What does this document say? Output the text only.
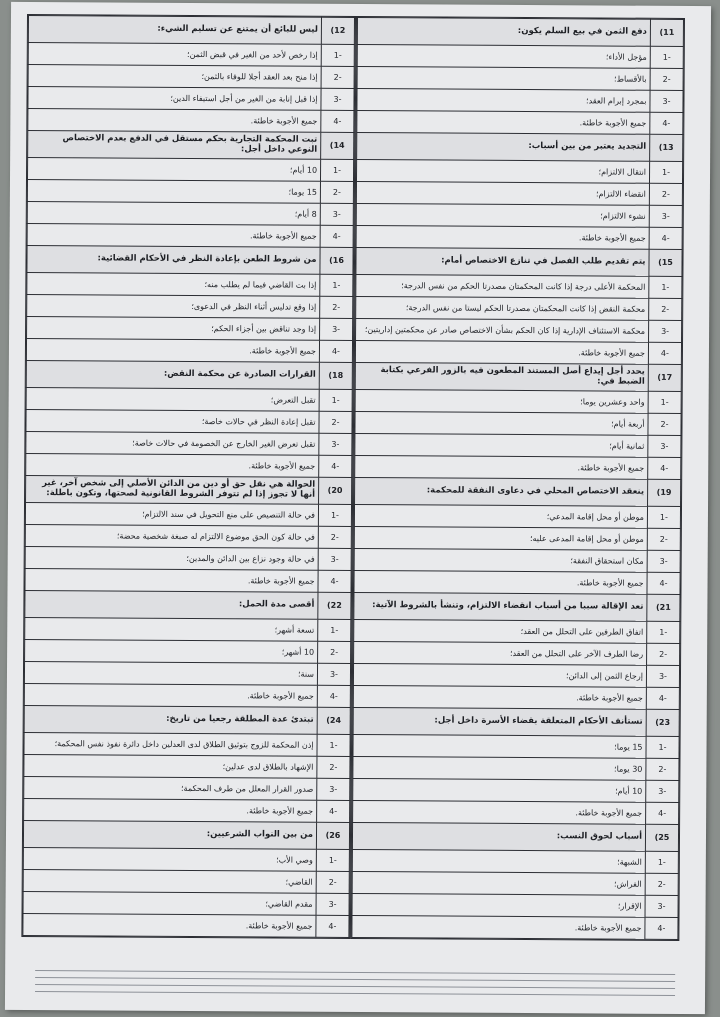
12)	ليس للبائع أن يمتنع عن تسليم الشيء:
-1	إذا رخص لأحد من الغير في قبض الثمن؛
-2	إذا منح بعد العقد أجلا للوفاء بالثمن؛
-3	إذا قبل إنابة من الغير من أجل استيفاء الدين؛
-4	جميع الأجوبة خاطئة.
14)	تبت المحكمة التجارية بحكم مستقل في الدفع بعدم الاختصاص النوعي داخل أجل:
-1	10 أيام؛
-2	15 يوما؛
-3	8 أيام؛
-4	جميع الأجوبة خاطئة.
16)	من شروط الطعن بإعادة النظر في الأحكام القضائية:
-1	إذا بت القاضي فيما لم يطلب منه؛
-2	إذا وقع تدليس أثناء النظر في الدعوى؛
-3	إذا وجد تناقض بين أجزاء الحكم؛
-4	جميع الأجوبة خاطئة.
18)	القرارات الصادرة عن محكمة النقض:
-1	تقبل التعرض؛
-2	تقبل إعادة النظر في حالات خاصة؛
-3	تقبل تعرض الغير الخارج عن الخصومة في حالات خاصة؛
-4	جميع الأجوبة خاطئة.
20)	الحوالة هي نقل حق أو دين من الدائن الأصلي إلى شخص آخر، غير أنها لا تجوز إذا لم تتوفر الشروط القانونية لصحتها، وتكون باطلة:
-1	في حالة التنصيص على منع التحويل في سند الالتزام؛
-2	في حالة كون الحق موضوع الالتزام له صبغة شخصية محضة؛
-3	في حالة وجود نزاع بين الدائن والمدين؛
-4	جميع الأجوبة خاطئة.
22)	أقصى مدة الحمل:
-1	تسعة أشهر؛
-2	10 أشهر؛
-3	سنة؛
-4	جميع الأجوبة خاطئة.
24)	تبتدئ عدة المطلقة رجعيا من تاريخ:
-1	إذن المحكمة للزوج بتوثيق الطلاق لدى العدلين داخل دائرة نفوذ نفس المحكمة؛
-2	الإشهاد بالطلاق لدى عدلين؛
-3	صدور القرار المعلل من طرف المحكمة؛
-4	جميع الأجوبة خاطئة.
26)	من بين النواب الشرعيين:
-1	وصي الأب؛
-2	القاضي؛
-3	مقدم القاضي؛
-4	جميع الأجوبة خاطئة.
11)	دفع الثمن في بيع السلم يكون:
-1	مؤجل الأداء؛
-2	بالأقساط؛
-3	بمجرد إبرام العقد؛
-4	جميع الأجوبة خاطئة.
13)	التجديد يعتبر من بين أسباب:
-1	انتقال الالتزام؛
-2	انقضاء الالتزام؛
-3	نشوء الالتزام؛
-4	جميع الأجوبة خاطئة.
15)	يتم تقديم طلب الفصل في تنازع الاختصاص أمام:
-1	المحكمة الأعلى درجة إذا كانت المحكمتان مصدرتا الحكم من نفس الدرجة؛
-2	محكمة النقض إذا كانت المحكمتان مصدرتا الحكم ليستا من نفس الدرجة؛
-3	محكمة الاستئناف الإدارية إذا كان الحكم بشأن الاختصاص صادر عن محكمتين إداريتين؛
-4	جميع الأجوبة خاطئة.
17)	يحدد أجل إيداع أصل المستند المطعون فيه بالزور الفرعي بكتابة الضبط في:
-1	واحد وعشرين يوما؛
-2	أربعة أيام؛
-3	ثمانية أيام؛
-4	جميع الأجوبة خاطئة.
19)	ينعقد الاختصاص المحلي في دعاوى النفقة للمحكمة:
-1	موطن أو محل إقامة المدعي؛
-2	موطن أو محل إقامة المدعى عليه؛
-3	مكان استحقاق النفقة؛
-4	جميع الأجوبة خاطئة.
21)	تعد الإقالة سببا من أسباب انقضاء الالتزام، وتنشأ بالشروط الآتية:
-1	اتفاق الطرفين على التحلل من العقد؛
-2	رضا الطرف الآخر على التحلل من العقد؛
-3	إرجاع الثمن إلى الدائن؛
-4	جميع الأجوبة خاطئة.
23)	تستأنف الأحكام المتعلقة بقضاء الأسرة داخل أجل:
-1	15 يوما؛
-2	30 يوما؛
-3	10 أيام؛
-4	جميع الأجوبة خاطئة.
25)	أسباب لحوق النسب:
-1	الشبهة؛
-2	الفراش؛
-3	الإقرار؛
-4	جميع الأجوبة خاطئة.
